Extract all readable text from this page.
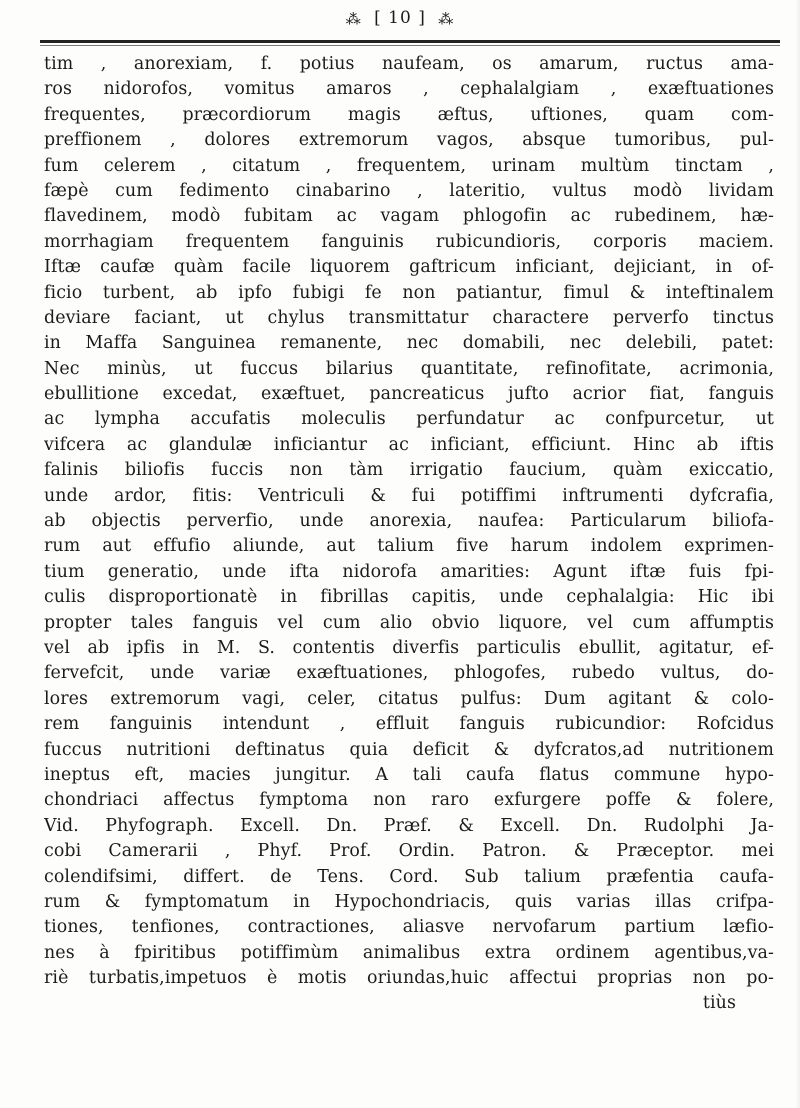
⁂ [ 10 ] ⁂
tim , anorexiam, f. potius naufeam, os amarum, ructus ama-
ros nidorofos, vomitus amaros , cephalalgiam , exæftuationes
frequentes, præcordiorum magis æftus, uftiones, quam com-
preffionem , dolores extremorum vagos, absque tumoribus, pul-
fum celerem , citatum , frequentem, urinam multùm tinctam ,
fæpè cum fedimento cinabarino , lateritio, vultus modò lividam
flavedinem, modò fubitam ac vagam phlogofin ac rubedinem, hæ-
morrhagiam frequentem fanguinis rubicundioris, corporis maciem.
Iftæ caufæ quàm facile liquorem gaftricum inficiant, dejiciant, in of-
ficio turbent, ab ipfo fubigi fe non patiantur, fimul & inteftinalem
deviare faciant, ut chylus transmittatur charactere perverfo tinctus
in Maffa Sanguinea remanente, nec domabili, nec delebili, patet:
Nec minùs, ut fuccus bilarius quantitate, refinofitate, acrimonia,
ebullitione excedat, exæftuet, pancreaticus jufto acrior fiat, fanguis
ac lympha accufatis moleculis perfundatur ac confpurcetur, ut
vifcera ac glandulæ inficiantur ac inficiant, efficiunt. Hinc ab iftis
falinis biliofis fuccis non tàm irrigatio faucium, quàm exiccatio,
unde ardor, fitis: Ventriculi & fui potiffimi inftrumenti dyfcrafia,
ab objectis perverfio, unde anorexia, naufea: Particularum biliofa-
rum aut effufio aliunde, aut talium five harum indolem exprimen-
tium generatio, unde ifta nidorofa amarities: Agunt iftæ fuis fpi-
culis disproportionatè in fibrillas capitis, unde cephalalgia: Hic ibi
propter tales fanguis vel cum alio obvio liquore, vel cum affumptis
vel ab ipfis in M. S. contentis diverfis particulis ebullit, agitatur, ef-
fervefcit, unde variæ exæftuationes, phlogofes, rubedo vultus, do-
lores extremorum vagi, celer, citatus pulfus: Dum agitant & colo-
rem fanguinis intendunt , effluit fanguis rubicundior: Rofcidus
fuccus nutritioni deftinatus quia deficit & dyfcratos,ad nutritionem
ineptus eft, macies jungitur. A tali caufa flatus commune hypo-
chondriaci affectus fymptoma non raro exfurgere poffe & folere,
Vid. Phyfograph. Excell. Dn. Præf. & Excell. Dn. Rudolphi Ja-
cobi Camerarii , Phyf. Prof. Ordin. Patron. & Præceptor. mei
colendifsimi, differt. de Tens. Cord. Sub talium præfentia caufa-
rum & fymptomatum in Hypochondriacis, quis varias illas crifpa-
tiones, tenfiones, contractiones, aliasve nervofarum partium læfio-
nes à fpiritibus potiffimùm animalibus extra ordinem agentibus,va-
riè turbatis,impetuos è motis oriundas,huic affectui proprias non po-
tiùs
